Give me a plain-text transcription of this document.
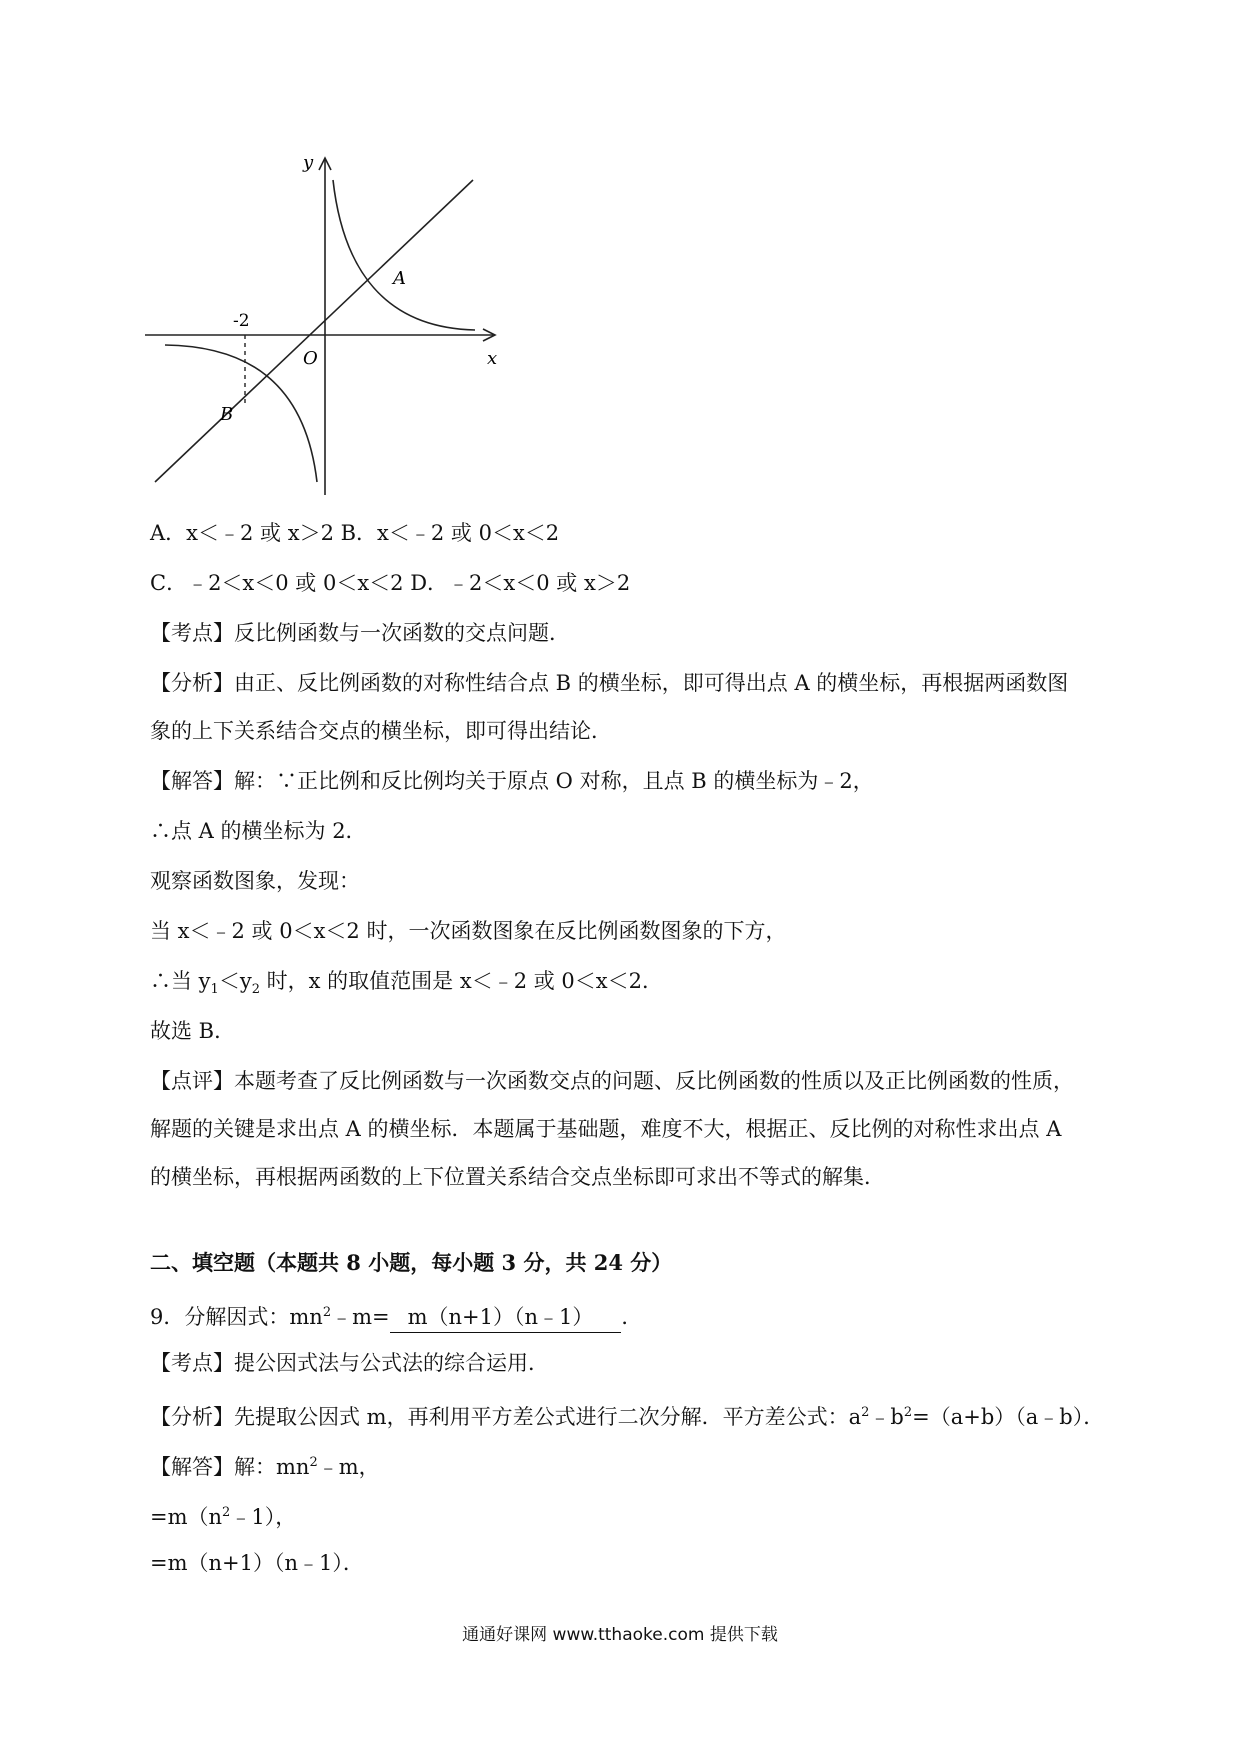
y
x
O
A
B
-2
A．x＜﹣2 或 x＞2 B．x＜﹣2 或 0＜x＜2
C．﹣2＜x＜0 或 0＜x＜2 D．﹣2＜x＜0 或 x＞2
【考点】反比例函数与一次函数的交点问题．
【分析】由正、反比例函数的对称性结合点 B 的横坐标，即可得出点 A 的横坐标，再根据两函数图
象的上下关系结合交点的横坐标，即可得出结论．
【解答】解：∵正比例和反比例均关于原点 O 对称，且点 B 的横坐标为﹣2，
∴点 A 的横坐标为 2．
观察函数图象，发现：
当 x＜﹣2 或 0＜x＜2 时，一次函数图象在反比例函数图象的下方，
∴当 $y_1<y_2$ 时，x 的取值范围是 x＜﹣2 或 0＜x＜2．
故选 B．
【点评】本题考查了反比例函数与一次函数交点的问题、反比例函数的性质以及正比例函数的性质，
解题的关键是求出点 A 的横坐标．本题属于基础题，难度不大，根据正、反比例的对称性求出点 A
的横坐标，再根据两函数的上下位置关系结合交点坐标即可求出不等式的解集．
二、填空题（本题共 8 小题，每小题 3 分，共 24 分）
9．分解因式：$mn^2﹣m=$ m（n+1）（n﹣1） ．
【考点】提公因式法与公式法的综合运用．
【分析】先提取公因式 m，再利用平方差公式进行二次分解．平方差公式：$a^2﹣b^2=(a+b)(a﹣b)$．
【解答】解：$mn^2﹣m$，
$=m(n^2﹣1)$，
=m（n+1）（n﹣1）．
通通好课网 www.tthaoke.com 提供下载
